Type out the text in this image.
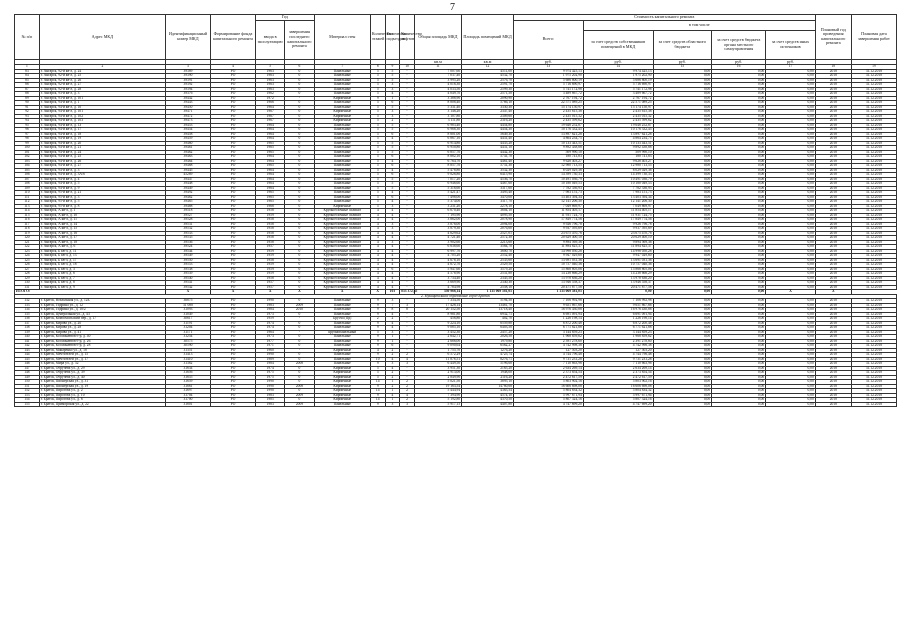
7
№ п/п	Адрес МКД	Идентификационный номер МКД	Формирование фонда капитального ремонта	Год		Материал стен	Количество этажей	Количество подъездов	Количество лифтов	Общая площадь МКД	Площадь помещений МКД	Стоимость капитального ремонта					Плановый год проведения капитального ремонта	Плановая дата завершения работ
				ввода в эксплуатацию	завершения последнего капитального ремонта							Всего:	в том числе					
													за счет средств собственников помещений в МКД	за счет средств областного бюджета	за счет средств бюджета органа местного самоуправления	за счет средств иных источников		
										кв.м	кв.м	руб.	руб.	руб.	руб.	руб.		
1	2	3	4	5	6	7	8	9	10	11	12	13	14	15	16	17	18	19
83	г. Ангарск, 92-й кв-л, д. 24	39389	РО	1963	0	Панельные	5	5	-	7 007,60	4511,00	9 974 425,13	9 974 425,13	0,00	0,00	0,00	2018	31.12.2018
84	г. Ангарск, 92-й кв-л, д. 25	39390	РО	1963	0	Панельные	5	5	-	7 037,40	4532,70	1 975 202,90	1 975 202,90	0,00	0,00	0,00	2018	31.12.2018
85	г. Ангарск, 92-й кв-л, д. 26	39391	РО	1963	0	Панельные	5	5	-	3 995,20	2576,70	5 686 800,19	5 686 800,19	0,00	0,00	0,00	2018	31.12.2018
86	г. Ангарск, 92-й кв-л, д. 27	39392	РО	1963	0	Панельные	5	3	-	4 016,30	2591,70	5 716 690,97	5 716 690,97	0,00	0,00	0,00	2018	31.12.2018
87	г. Ангарск, 92-й кв-л, д. 28	39394	РО	1963	0	Панельные	5	3	-	4 033,50	2599,30	5 741 172,98	5 741 172,98	0,00	0,00	0,00	2018	31.12.2018
88	г. Ангарск, 93-й кв-л, д. 3	39376	РО	1962	0	Панельные	5	4	-	4 049,70	2571,50	3 489 667,72	3 489 667,72	0,00	0,00	0,00	2018	31.12.2018
89	г. Ангарск, 93-й кв-л, д. 101	39442	РО	1972	-	Кирпичные	9	1	-	3 388,90	2090,90	2 767 194,72	2 767 194,72	0,00	0,00	0,00	2018	31.12.2018
90	г. Ангарск, 94-й кв-л, д. 1	39443	РО	1966	0	Панельные	5	6	-	8 808,40	5766,10	22 571 089,25	22 571 089,25	0,00	0,00	0,00	2018	31.12.2018
91	г. Ангарск, 94-й кв-л, д. 10	39450	РО	1964	0	Панельные	5	5	-	5 331,40	3330,30	15 174 150,97	15 174 150,97	0,00	0,00	0,00	2018	31.12.2018
92	г. Ангарск, 94-й кв-л, д. 101	39471	РО	1967	0	Кирпичные	5	3	-	3 146,20	2347,40	2 435 615,38	2 435 615,38	0,00	0,00	0,00	2018	31.12.2018
93	г. Ангарск, 94-й кв-л, д. 102	39472	РО	1967	0	Кирпичные	5	3	-	3 107,80	2309,60	2 435 015,32	2 435 015,32	0,00	0,00	0,00	2018	31.12.2018
94	г. Ангарск, 94-й кв-л, д. 103	39473	РО	1967	0	Кирпичные	5	2	-	3 111,80	2316,20	2 435 599,62	2 435 599,62	0,00	0,00	0,00	2018	31.12.2018
95	г. Ангарск, 94-й кв-л, д. 13	39453	РО	1964	0	Панельные	5	5	-	6 983,40	4454,80	19 648 252,87	19 648 252,87	0,00	0,00	0,00	2018	31.12.2018
96	г. Ангарск, 94-й кв-л, д. 17	39454	РО	1964	0	Панельные	5	5	-	6 968,30	4454,30	10 176 332,45	10 176 332,45	0,00	0,00	0,00	2018	31.12.2018
97	г. Ангарск, 94-й кв-л, д. 18	39458	РО	1964	0	Панельные	5	6	-	8 801,00	5649,30	13 897 621,28	13 897 621,28	0,00	0,00	0,00	2018	31.12.2018
98	г. Ангарск, 94-й кв-л, д. 19	39459	РО	1964	0	Панельные	5	4	-	6 867,10	4431,40	4 864 234,75	4 864 234,75	0,00	0,00	0,00	2018	31.12.2018
99	г. Ангарск, 94-й кв-л, д. 20	39460	РО	1965	0	Панельные	5	5	-	6 914,80	4435,20	10 133 443,51	10 133 443,51	0,00	0,00	0,00	2018	31.12.2018
100	г. Ангарск, 94-й кв-л, д. 21	39461	РО	1965	0	Панельные	5	5	-	6 950,80	4431,10	9 892 438,88	9 892 438,88	0,00	0,00	0,00	2018	31.12.2018
101	г. Ангарск, 94-й кв-л, д. 24	39462	РО	1965	0	Панельные	5	5	-	6 857,70	4442,30	509 990,10	509 990,10	0,00	0,00	0,00	2018	31.12.2018
102	г. Ангарск, 94-й кв-л, д. 25	39463	РО	1964	0	Панельные	5	6	-	8 882,10	5741,70	180 741,83	180 741,83	0,00	0,00	0,00	2018	31.12.2018
103	г. Ангарск, 94-й кв-л, д. 26	39464	РО	1964	0	Панельные	5	4	-	6 764,70	4461,40	9 628 403,27	9 628 403,27	0,00	0,00	0,00	2018	31.12.2018
104	г. Ангарск, 94-й кв-л, д. 27	39468	РО	1965	0	Панельные	5	6	-	8 857,70	5731,30	12 980 713,55	12 980 713,55	0,00	0,00	0,00	2018	31.12.2018
105	г. Ангарск, 94-й кв-л, д. 3	39445	РО	1964	0	Панельные	5	4	-	5 478,80	3532,30	8 029 029,36	8 029 029,36	0,00	0,00	0,00	2018	31.12.2018
106	г. Ангарск, 94-й кв-л, д. 3А/6	45289	РО	1964	0	Панельные	5	6	-	9 826,80	6415,90	14 399 730,33	14 399 730,33	0,00	0,00	0,00	2018	31.12.2018
107	г. Ангарск, 94-й кв-л, д. 4	39447	РО	1964	0	Панельные	5	5	-	7 017,20	4536,70	10 491 036,79	10 491 036,79	0,00	0,00	0,00	2018	31.12.2018
108	г. Ангарск, 94-й кв-л, д. 5	39448	РО	1964	0	Панельные	5	5	-	6 946,60	4467,60	10 180 049,53	10 180 049,53	0,00	0,00	0,00	2018	31.12.2018
109	г. Ангарск, 94-й кв-л, д. 9	39449	РО	1964	0	Панельные	5	5	-	5 316,60	3317,60	7 782 336,93	7 782 336,93	0,00	0,00	0,00	2018	31.12.2018
110	г. Ангарск, 95-й кв-л, д. 21	39492	РО	1965	0	Панельные	5	4	-	5 421,47	3495,40	7 983 151,73	7 983 151,73	0,00	0,00	0,00	2018	31.12.2018
111	г. Ангарск, 95-й кв-л, д. 3	39482	РО	1965	0	Панельные	5	6	-	7 498,00	3470,00	13 403 394,34	13 403 394,34	0,00	0,00	0,00	2018	31.12.2018
112	г. Ангарск, 95-й кв-л, д. 5	39485	РО	1965	0	Панельные	5	4	-	5 374,00	3317,70	12 141 206,30	12 141 206,30	0,00	0,00	0,00	2018	31.12.2018
113	г. Ангарск, 95-й кв-л, д. 8	39488	РО	1968	0	Кирпичные	5	3	-	3 231,20	2278,10	7 049 869,97	7 049 869,97	0,00	0,00	0,00	2018	31.12.2018
114	г. Ангарск, А кв-л, д. 1	39518	РО	1958	0	Крупноблочные силикат	4	4	-	6 670,40	3604,10	11 854 405,17	11 854 405,17	0,00	0,00	0,00	2018	31.12.2018
115	г. Ангарск, А кв-л, д. 10	39527	РО	1959	0	Крупноблочные силикат	4	4	-	7 195,90	4095,50	11 931 724,75	11 931 724,75	0,00	0,00	0,00	2018	31.12.2018
116	г. Ангарск, А кв-л, д. 11	39528	РО	1958	0	Крупноблочные силикат	4	4	-	3 862,00	2078,90	17 849 774,56	17 849 774,56	0,00	0,00	0,00	2018	31.12.2018
117	г. Ангарск, А кв-л, д. 14	39531	РО	1958	0	Крупноблочные силикат	4	3	-	3 876,00	2094,00	9 926 796,78	9 926 796,78	0,00	0,00	0,00	2018	31.12.2018
118	г. Ангарск, А кв-л, д. 15	39532	РО	1958	0	Крупноблочные силикат	4	3	-	3 879,30	2076,60	9 937 595,69	9 937 595,69	0,00	0,00	0,00	2018	31.12.2018
119	г. Ангарск, А кв-л, д. 16	39533	РО	1958	0	Крупноблочные силикат	4	4	-	4 629,62	2527,01	23 675 470,76	23 675 470,76	0,00	0,00	0,00	2018	31.12.2018
120	г. Ангарск, А кв-л, д. 17	39535	РО	1958	0	Крупноблочные силикат	4	4	-	4 721,40	2572,30	20 629 400,10	20 629 400,10	0,00	0,00	0,00	2018	31.12.2018
121	г. Ангарск, А кв-л, д. 18	39536	РО	1958	0	Крупноблочные силикат	4	3	-	3 902,60	2213,60	9 894 569,36	9 894 569,36	0,00	0,00	0,00	2018	31.12.2018
122	г. Ангарск, А кв-л, д. 6	39524	РО	1957	0	Крупноблочные силикат	4	4	-	6 638,60	3584,70	11 894 825,37	11 894 825,37	0,00	0,00	0,00	2018	31.12.2018
123	г. Ангарск, Б кв-л, д. 11	39544	РО	1959	0	Крупноблочные силикат	4	4	-	6 997,70	3600,70	14 998 050,28	14 998 050,28	0,00	0,00	0,00	2018	31.12.2018
124	г. Ангарск, Б кв-л, д. 13	39549	РО	1959	0	Крупноблочные силикат	4	4	-	4 705,20	2552,40	9 947 029,60	9 947 029,60	0,00	0,00	0,00	2018	31.12.2018
125	г. Ангарск, Б кв-л, д. 17	39550	РО	1958	0	Крупноблочные силикат	4	4	-	4 678,10	2535,60	13 691 031,36	13 691 031,36	0,00	0,00	0,00	2018	31.12.2018
126	г. Ангарск, Б кв-л, д. 18	39553	РО	1959	0	Крупноблочные силикат	4	4	-	4 672,70	2529,50	10 757 040,36	10 757 040,36	0,00	0,00	0,00	2018	31.12.2018
127	г. Ангарск, Б кв-л, д. 3	39538	РО	1959	0	Крупноблочные силикат	4	6	-	5 947,60	3579,20	15 868 805,06	15 868 805,06	0,00	0,00	0,00	2018	31.12.2018
128	г. Ангарск, Б кв-л, д. 6	39539	РО	1959	0	Крупноблочные силикат	4	4	-	4 578,90	2531,80	14 238 666,29	14 238 666,29	0,00	0,00	0,00	2018	31.12.2018
129	г. Ангарск, Б кв-л, д. 7	39540	РО	1958	0	Крупноблочные силикат	4	4	-	3 734,40	2345,50	13 978 636,20	13 978 636,20	0,00	0,00	0,00	2018	31.12.2018
130	г. Ангарск, Б кв-л, д. 8	39541	РО	1957	0	Крупноблочные силикат	4	4	-	3 669,90	2340,30	13 946 558,37	13 946 558,37	0,00	0,00	0,00	2018	31.12.2018
131	г. Ангарск, Б кв-л, д. 9	39542	РО	1957	0	Крупноблочные силикат	4	4	-	4 784,98	2558,10	20 471 877,58	20 471 877,58	0,00	0,00	0,00	2018	31.12.2018
ИТОГО:		X	X	X	X	X	X	103	853 372,65	550 966,14	1 135 069 581,05	1 135 069 581,05	0,00	0,00	0,00	X	X	
2. Муниципальное образование город Братск																		
132	г. Братск, Вокзальная ул., д. 12Б	36875	РО	1990	0	Панельные	9	3	-	7 334,50	5194,50	7 106 992,98	7 106 992,98	0,00	0,00	0,00	2018	31.12.2018
133	г. Братск, Гидрина ул., д. 12	31 080	РО	1983	2009	Панельные	9	7	3	17 428,14	13461,70	9 651 867,66	9 651 867,66	0,00	0,00	0,00	2018	31.12.2018
134	г. Братск, Гидрина ул., д. 10/2	31093	РО	1984	2010	Панельные	9	8	8	20 152,50	13718,40	16 976 430,88	16 976 430,88	0,00	0,00	0,00	2018	31.12.2018
135	г. Братск, Центральная ул., д. 43	31049	РО	1973	0	Панельные	9	4	-	8 981,80	6932,71	6 691 091,94	6 691 091,94	0,00	0,00	0,00	2018	31.12.2018
136	г. Братск, Комсомольский пер., д. 17	30617	РО	1959	-	Брусча (Пр)	2	2	-	456,80	402,70	1 226 198,14	1 226 198,14	0,00	0,00	0,00	2018	31.12.2018
137	г. Братск, Кирова ул., д. 20	31191	РО	1974	0	Панельные	9	4	-	9 224,10	6559,80	6 872 200,48	6 872 200,48	0,00	0,00	0,00	2018	31.12.2018
138	г. Братск, Кирова ул., д. 28	31204	РО	1974	0	Панельные	9	4	-	9 085,10	6403,50	6 771 621,88	6 771 621,88	0,00	0,00	0,00	2018	31.12.2018
139	г. Братск, Кирова ул., д. 41	31171	РО	1964	-	крупнопанельный	5	3	-	3 452,30	2457,20	3 144 859,23	3 144 859,23	0,00	0,00	0,00	2018	31.12.2018
140	г. Братск, Космонавтов б-р, д. 40	31254	РО	1973	0	Панельные	9	1	-	2 642,71	2026,50	1 968 859,62	1 968 859,62	0,00	0,00	0,00	2018	31.12.2018
141	г. Братск, Космонавтов б-р, д. 26	30575	РО	1977	0	Панельные	9	1	-	2 686,00	1979,80	2 391 278,60	2 391 278,60	0,00	0,00	0,00	2018	31.12.2018
142	г. Братск, Космонавтов б-р, д. 28	30590	РО	1971	0	Панельные	9	6	-	9 090,64	6562,27	4 742 998,38	4 742 998,38	0,00	0,00	0,00	2018	31.12.2018
143	г. Братск, Макаренко ул., д. 18	31351	РО	1960	-	Кирпичные	4	2	-	1 755,70	1276,20	127 503,20	127 503,20	0,00	0,00	0,00	2018	31.12.2018
144	г. Братск, Мечтателей ул., д. 15	31413	РО	1990	0	Панельные	9	2	2	6 572,29	4725,74	4 744 796,48	4 744 796,48	0,00	0,00	0,00	2018	31.12.2018
145	г. Братск, Мечтателей ул., д. 17	31410	РО	1989	0	Панельные	10	4	4	11 878,51	8276,71	9 731 231,28	9 731 231,28	0,00	0,00	0,00	2018	31.12.2018
146	г. Братск, Мира ул., д. 32	31382	РО	1984	2008	Панельные	9	3	3	6 449,50	5196,60	7 110 663,96	7 110 663,96	0,00	0,00	0,00	2018	31.12.2018
147	г. Братск, Обручева ул., д. 29	31634	РО	1974	0	Кирпичные	5	4	-	3 951,30	2165,20	2 634 269,14	2 634 269,14	0,00	0,00	0,00	2018	31.12.2018
148	г. Братск, Обручева ул., д. 39	31656	РО	1975	0	Кирпичные	5	2	-	2 913,00	1948,00	2 373 854,54	2 373 854,54	0,00	0,00	0,00	2018	31.12.2018
149	г. Братск, Обручева ул., д. 40	31655	РО	1975	0	Кирпичные	5	2	-	2 849,90	2116,20	2 472 617,59	2 472 617,59	0,00	0,00	0,00	2018	31.12.2018
150	г. Братск, Пионерская ул., д. 31	31659	РО	1990	0	Кирпичные	14	1	2	5 021,50	3895,10	5 803 902,16	5 803 902,16	0,00	0,00	0,00	2018	31.12.2018
151	г. Братск, Пионерская ул., д. 19	31661	РО	1990	2008	Кирпичные	9	2	2	19 163,54	14760,68	16 606 698,08	16 606 698,08	0,00	0,00	0,00	2018	31.12.2018
152	г. Братск, Пирогова ул., д. 2	31697	РО	1990	0	Кирпичные	14	1	2	5 444,94	4365,54	5 804 834,32	5 804 834,32	0,00	0,00	0,00	2018	31.12.2018
153	г. Братск, Пирогова ул., д. 10	31704	РО	1983	2009	Кирпичные	9	4	4	7 394,90	4574,10	5 997 671,94	5 997 671,94	0,00	0,00	0,00	2018	31.12.2018
154	г. Братск, Пирогова ул., д. 6	31700	РО	1985	0	Кирпичные	14	1	2	5 192,80	4370,50	5 807 324,16	5 807 324,16	0,00	0,00	0,00	2018	31.12.2018
155	г. Братск, Приморская ул., д. 22	31801	РО	1983	2009	Панельные	9	3	3	5 917,15	4407,80	4 747 699,20	4 747 699,20	0,00	0,00	0,00	2018	31.12.2018
